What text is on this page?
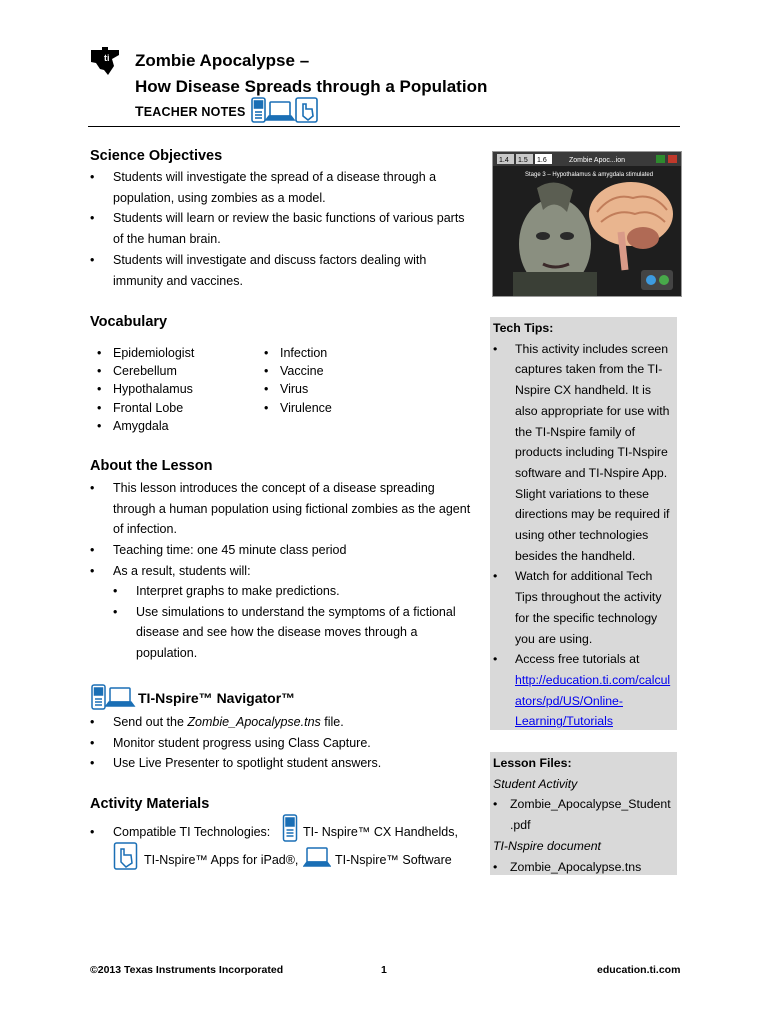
ti Zombie Apocalypse –
How Disease Spreads through a Population
TEACHER NOTES
Science Objectives
• Students will investigate the spread of a disease through a
population, using zombies as a model.
• Students will learn or review the basic functions of various parts
of the human brain.
• Students will investigate and discuss factors dealing with
immunity and vaccines.
Vocabulary
• Epidemiologist
• Cerebellum
• Hypothalamus
• Frontal Lobe
• Amygdala
• Infection
• Vaccine
• Virus
• Virulence
About the Lesson
• This lesson introduces the concept of a disease spreading
through a human population using fictional zombies as the agent
of infection.
• Teaching time: one 45 minute class period
• As a result, students will:
• Interpret graphs to make predictions.
• Use simulations to understand the symptoms of a fictional
disease and see how the disease moves through a
population.
TI-Nspire™ Navigator™
• Send out the Zombie_Apocalypse.tns file.
• Monitor student progress using Class Capture.
• Use Live Presenter to spotlight student answers.
Activity Materials
• Compatible TI Technologies:	TI- Nspire™ CX Handhelds,
TI-Nspire™ Apps for iPad®,	TI-Nspire™ Software
1.4 1.5 1.6	Zombie Apoc...ion
Stage 3 – Hypothalamus & amygdala stimulated
Tech Tips:
• This activity includes screen
captures taken from the TI-
Nspire CX handheld. It is
also appropriate for use with
the TI-Nspire family of
products including TI-Nspire
software and TI-Nspire App.
Slight variations to these
directions may be required if
using other technologies
besides the handheld.
• Watch for additional Tech
Tips throughout the activity
for the specific technology
you are using.
• Access free tutorials at
http://education.ti.com/calcul
ators/pd/US/Online-
Learning/Tutorials
Lesson Files:
Student Activity
• Zombie_Apocalypse_Student
.pdf
TI-Nspire document
• Zombie_Apocalypse.tns
©2013 Texas Instruments Incorporated	1	education.ti.com
